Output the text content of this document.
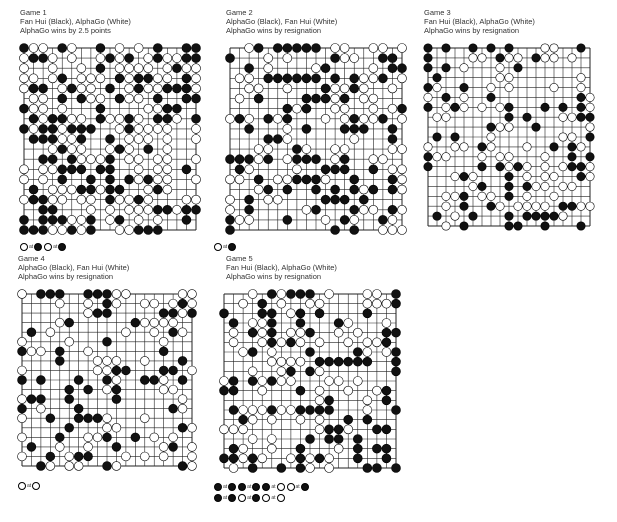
Game 1
Fan Hui (Black), AlphaGo (White)
AlphaGo wins by 2.5 points
at	at
Game 2
AlphaGo (Black), Fan Hui (White)
AlphaGo wins by resignation
at
Game 3
Fan Hui (Black), AlphaGo (White)
AlphaGo wins by resignation
Game 4
AlphaGo (Black), Fan Hui (White)
AlphaGo wins by resignation
at
Game 5
Fan Hui (Black), AlphaGo (White)
AlphaGo wins by resignation
at	at	at	at
at	at	at
